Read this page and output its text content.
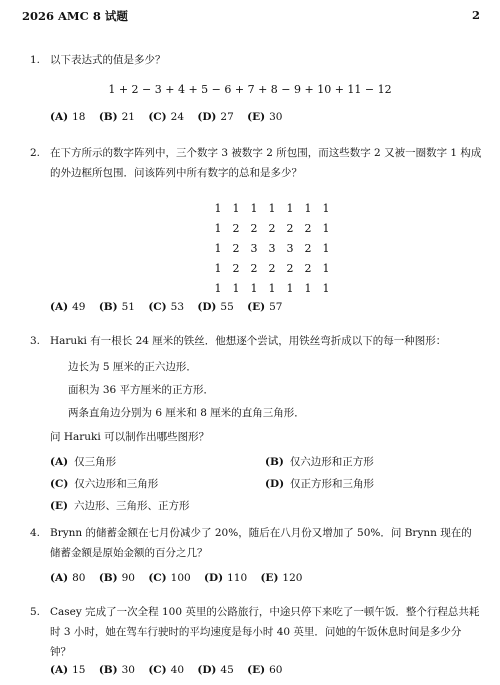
2026 AMC 8 试题	2
1. 以下表达式的值是多少？
1 + 2 − 3 + 4 + 5 − 6 + 7 + 8 − 9 + 10 + 11 − 12
(A) 18 (B) 21 (C) 24 (D) 27 (E) 30
2. 在下方所示的数字阵列中，三个数字 3 被数字 2 所包围，而这些数字 2 又被一圈数字 1 构成的外边框所包围．问该阵列中所有数字的总和是多少？
1	1	1	1	1	1	1
1	2	2	2	2	2	1
1	2	3	3	3	2	1
1	2	2	2	2	2	1
1	1	1	1	1	1	1
(A) 49 (B) 51 (C) 53 (D) 55 (E) 57
3. Haruki 有一根长 24 厘米的铁丝．他想逐个尝试，用铁丝弯折成以下的每一种图形：
边长为 5 厘米的正六边形．
面积为 36 平方厘米的正方形．
两条直角边分别为 6 厘米和 8 厘米的直角三角形．
问 Haruki 可以制作出哪些图形？
(A) 仅三角形	(B) 仅六边形和正方形
(C) 仅六边形和三角形	(D) 仅正方形和三角形
(E) 六边形、三角形、正方形
4. Brynn 的储蓄金额在七月份减少了 20%，随后在八月份又增加了 50%．问 Brynn 现在的储蓄金额是原始金额的百分之几？
(A) 80 (B) 90 (C) 100 (D) 110 (E) 120
5. Casey 完成了一次全程 100 英里的公路旅行，中途只停下来吃了一顿午饭．整个行程总共耗时 3 小时，她在驾车行驶时的平均速度是每小时 40 英里．问她的午饭休息时间是多少分钟？
(A) 15 (B) 30 (C) 40 (D) 45 (E) 60
